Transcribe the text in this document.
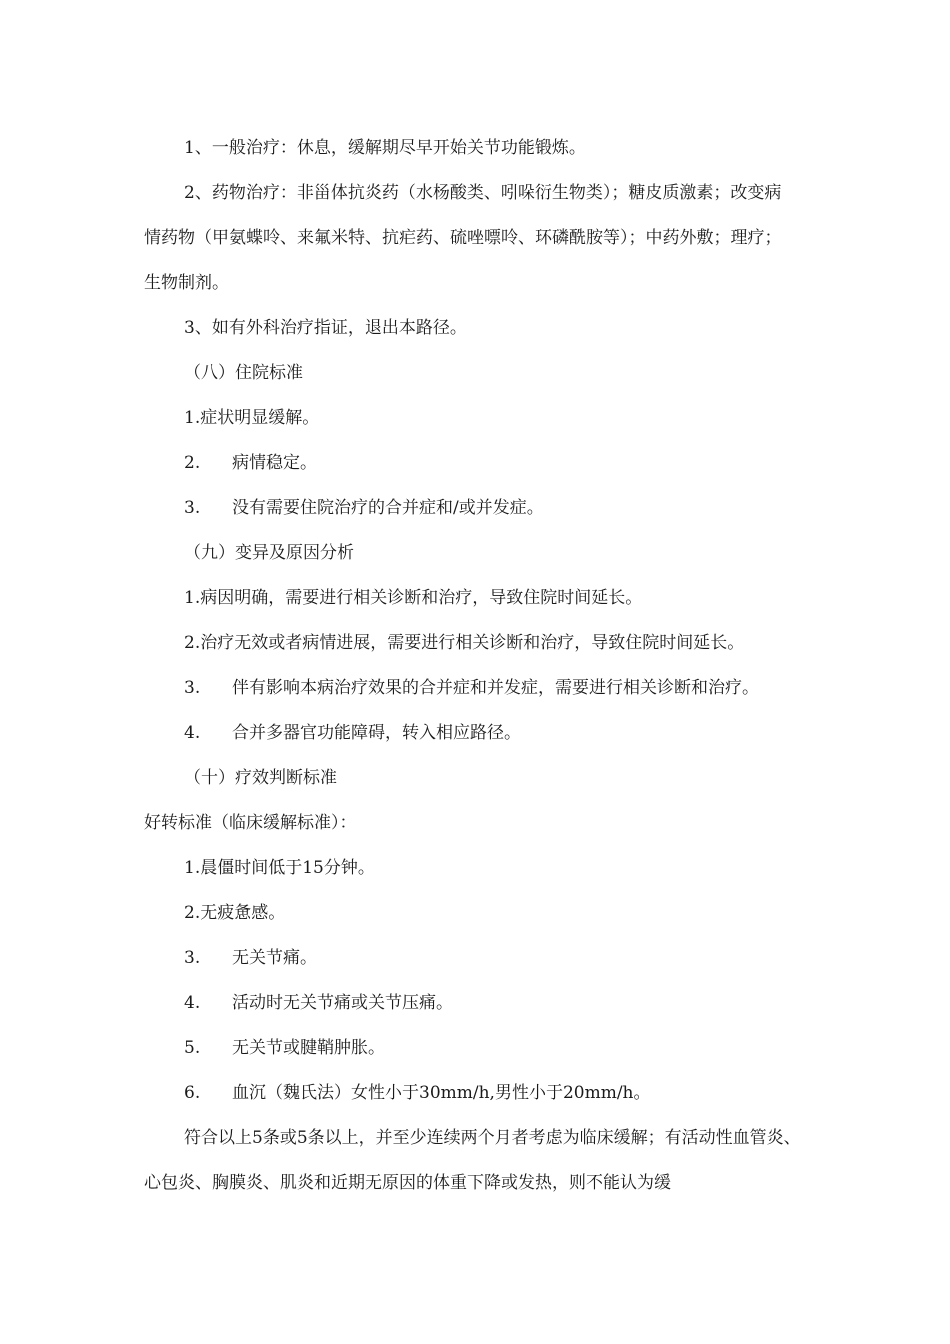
1、一般治疗：休息，缓解期尽早开始关节功能锻炼。

2、药物治疗：非甾体抗炎药（水杨酸类、吲哚衍生物类）；糖皮质激素；改变病

情药物（甲氨蝶呤、来氟米特、抗疟药、硫唑嘌呤、环磷酰胺等）；中药外敷；理疗；

生物制剂。

3、如有外科治疗指证，退出本路径。

（八）住院标准

1.症状明显缓解。

2. 病情稳定。

3. 没有需要住院治疗的合并症和/或并发症。

（九）变异及原因分析

1.病因明确，需要进行相关诊断和治疗，导致住院时间延长。

2.治疗无效或者病情进展，需要进行相关诊断和治疗，导致住院时间延长。

3. 伴有影响本病治疗效果的合并症和并发症，需要进行相关诊断和治疗。

4. 合并多器官功能障碍，转入相应路径。

（十）疗效判断标准

好转标准（临床缓解标准）：

1.晨僵时间低于15分钟。

2.无疲惫感。

3. 无关节痛。

4. 活动时无关节痛或关节压痛。

5. 无关节或腱鞘肿胀。

6. 血沉（魏氏法）女性小于30mm/h,男性小于20mm/h。

符合以上5条或5条以上，并至少连续两个月者考虑为临床缓解；有活动性血管炎、

心包炎、胸膜炎、肌炎和近期无原因的体重下降或发热，则不能认为缓
